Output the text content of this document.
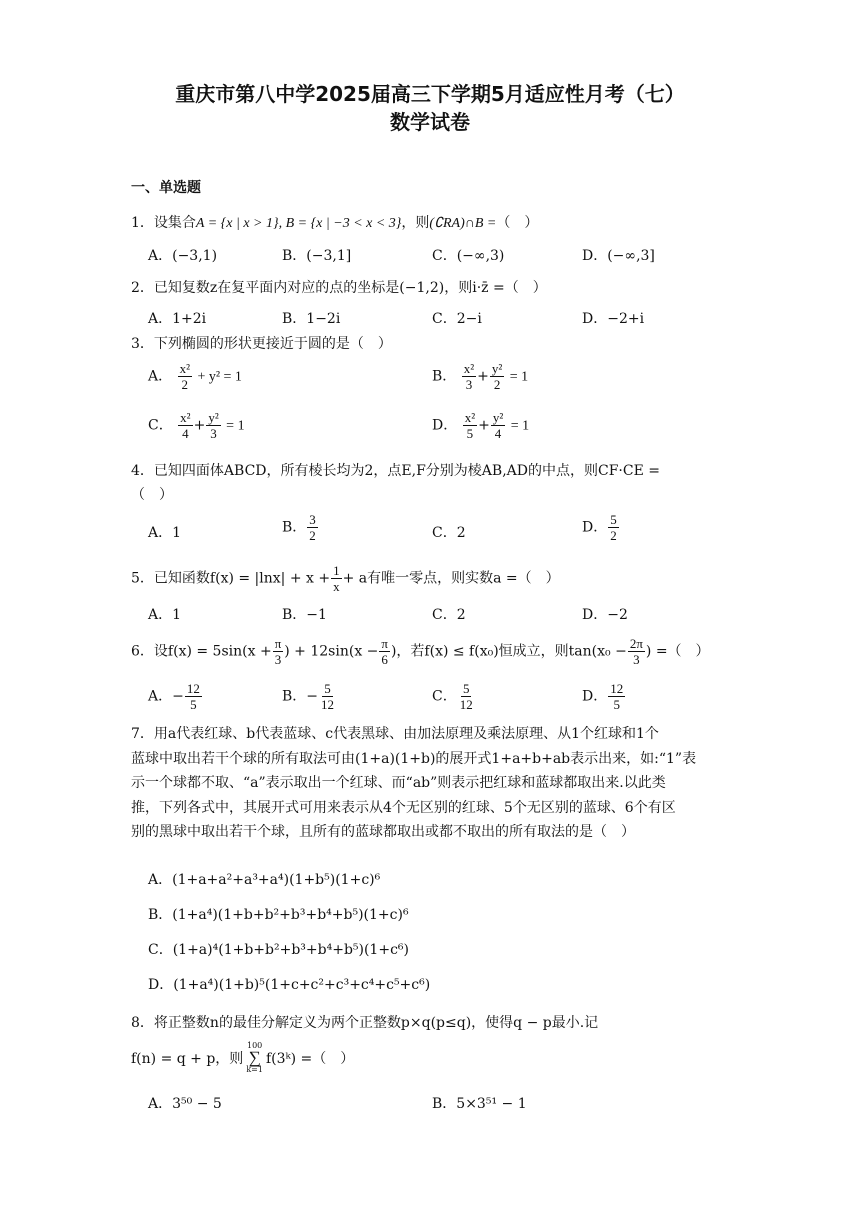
重庆市第八中学2025届高三下学期5月适应性月考（七）
数学试卷
一、单选题
1．设集合A = {x | x > 1}, B = {x | −3 < x < 3}，则(∁RA)∩B =（　）
A．(−3,1)	B．(−3,1]	C．(−∞,3)	D．(−∞,3]
2．已知复数z在复平面内对应的点的坐标是(−1,2)，则i·z̄ =（　）
A．1+2i	B．1−2i	C．2−i	D．−2+i
3．下列椭圆的形状更接近于圆的是（　）
A． $\frac{\text{x²}}{2} + y^2 = 1$	B． $\frac{\text{x²}}{3} + \frac{\text{y²}}{2} = 1$
C． $\frac{\text{x²}}{4} + \frac{\text{y²}}{3} = 1$	D． $\frac{\text{x²}}{5} + \frac{\text{y²}}{4} = 1$
4．已知四面体ABCD，所有棱长均为2，点E,F分别为棱AB,AD的中点，则CF·CE =
（　）
A．1	B． $\frac{3}{2}$	C．2	D． $\frac{5}{2}$
5．已知函数$f(x) = |\ln x| + x + \frac{1}{x} + a$有唯一零点，则实数a =（　）
A．1	B．−1	C．2	D．−2
6．设$f(x) = 5\sin(x + \frac{\pi}{3}$ ) + $12\sin(x - \frac{\pi}{6}$ )，若f(x) ≤ f(x₀)恒成立，则$\tan(x_0 - \frac{2\pi}{3}$ ) =（　）
A．− $\frac{12}{5}$	B．− $\frac{5}{12}$	C． $\frac{5}{12}$	D． $\frac{12}{5}$
7．用a代表红球、b代表蓝球、c代表黑球、由加法原理及乘法原理、从1个红球和1个
蓝球中取出若干个球的所有取法可由(1+a)(1+b)的展开式1+a+b+ab表示出来，如:“1”表
示一个球都不取、“a”表示取出一个红球、而“ab”则表示把红球和蓝球都取出来.以此类
推，下列各式中，其展开式可用来表示从4个无区别的红球、5个无区别的蓝球、6个有区
别的黑球中取出若干个球，且所有的蓝球都取出或都不取出的所有取法的是（　）
A．(1+a+a²+a³+a⁴)(1+b⁵)(1+c)⁶
B．(1+a⁴)(1+b+b²+b³+b⁴+b⁵)(1+c)⁶
C．(1+a)⁴(1+b+b²+b³+b⁴+b⁵)(1+c⁶)
D．(1+a⁴)(1+b)⁵(1+c+c²+c³+c⁴+c⁵+c⁶)
8．将正整数n的最佳分解定义为两个正整数p×q(p≤q)，使得q − p最小.记
f(n) = q + p，则
100
∑
k=1
f(3ᵏ) =（　）
A．3⁵⁰ − 5	B．5×3⁵¹ − 1
